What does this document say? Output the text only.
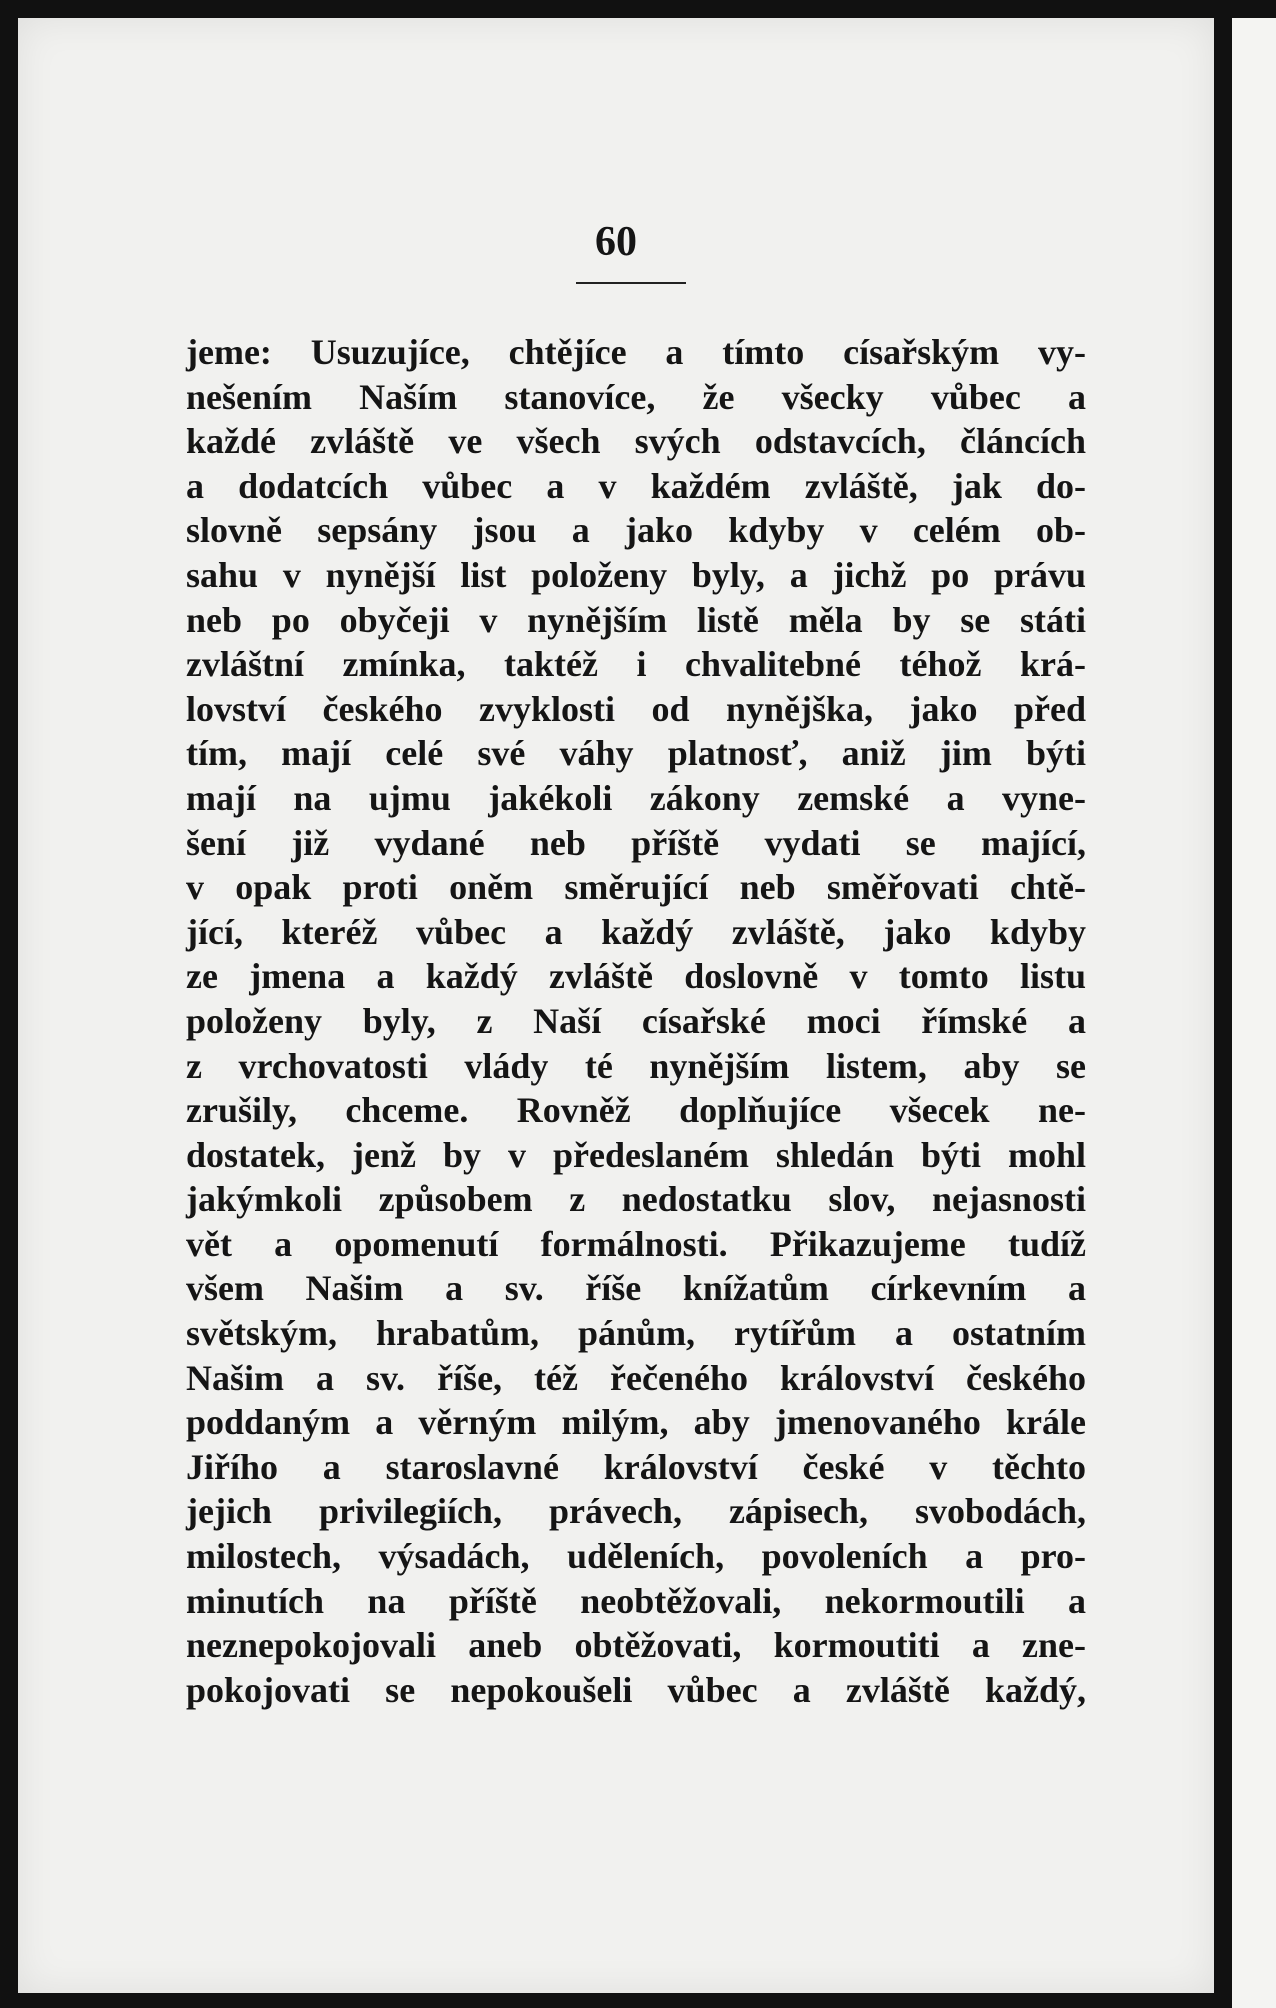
60
jeme: Usuzujíce, chtějíce a tímto císařským vy-
nešením Naším stanovíce, že všecky vůbec a
každé zvláště ve všech svých odstavcích, článcích
a dodatcích vůbec a v každém zvláště, jak do-
slovně sepsány jsou a jako kdyby v celém ob-
sahu v nynější list položeny byly, a jichž po právu
neb po obyčeji v nynějším listě měla by se státi
zvláštní zmínka, taktéž i chvalitebné téhož krá-
lovství českého zvyklosti od nynějška, jako před
tím, mají celé své váhy platnosť, aniž jim býti
mají na ujmu jakékoli zákony zemské a vyne-
šení již vydané neb příště vydati se mající,
v opak proti oněm směrující neb směřovati chtě-
jící, kteréž vůbec a každý zvláště, jako kdyby
ze jmena a každý zvláště doslovně v tomto listu
položeny byly, z Naší císařské moci římské a
z vrchovatosti vlády té nynějším listem, aby se
zrušily, chceme. Rovněž doplňujíce všecek ne-
dostatek, jenž by v předeslaném shledán býti mohl
jakýmkoli způsobem z nedostatku slov, nejasnosti
vět a opomenutí formálnosti. Přikazujeme tudíž
všem Našim a sv. říše knížatům církevním a
světským, hrabatům, pánům, rytířům a ostatním
Našim a sv. říše, též řečeného království českého
poddaným a věrným milým, aby jmenovaného krále
Jiřího a staroslavné království české v těchto
jejich privilegiích, právech, zápisech, svobodách,
milostech, výsadách, uděleních, povoleních a pro-
minutích na příště neobtěžovali, nekormoutili a
neznepokojovali aneb obtěžovati, kormoutiti a zne-
pokojovati se nepokoušeli vůbec a zvláště každý,
